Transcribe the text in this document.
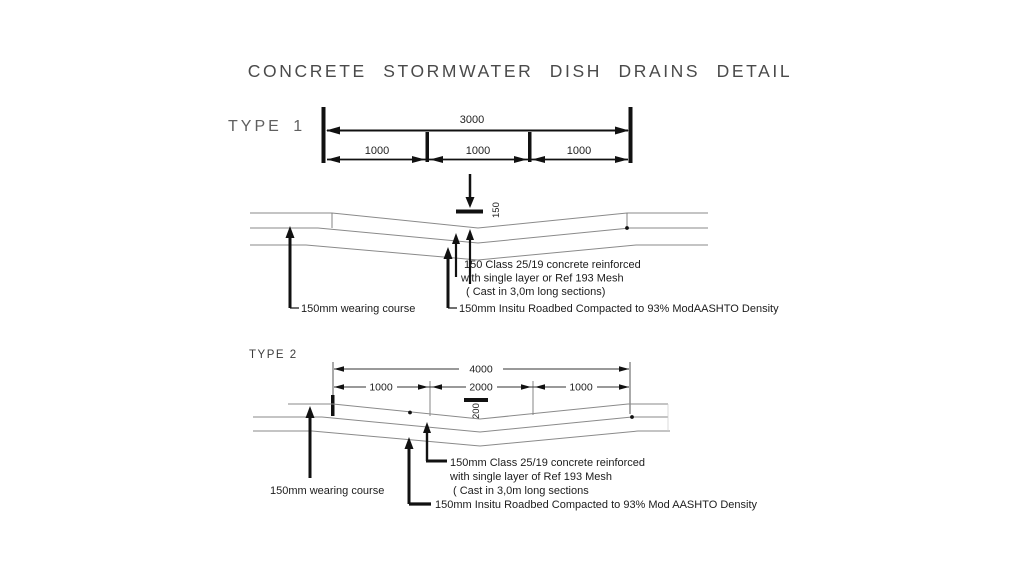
CONCRETE STORMWATER DISH DRAINS DETAIL
TYPE 1	3000
1000	1000	1000
150
150mm wearing course
150 Class 25/19 concrete reinforced
with single layer or Ref 193 Mesh
( Cast in 3,0m long sections)
150mm Insitu Roadbed Compacted to 93% ModAASHTO Density
TYPE 2
4000
1000	2000	1000
200
150mm wearing course
150mm Class 25/19 concrete reinforced
with single layer of Ref 193 Mesh
( Cast in 3,0m long sections
150mm Insitu Roadbed Compacted to 93% Mod AASHTO Density
